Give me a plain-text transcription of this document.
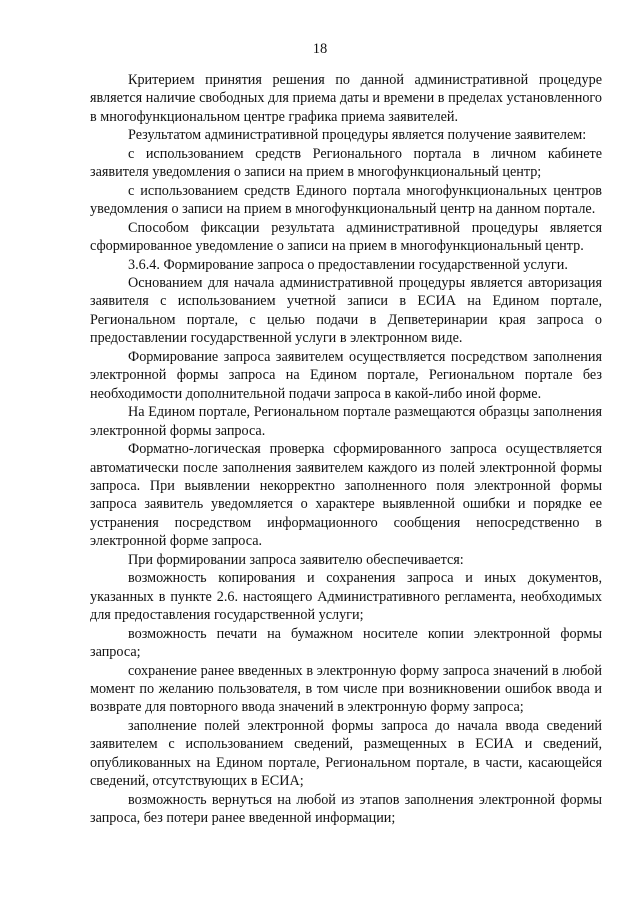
18

Критерием принятия решения по данной административной процедуре является наличие свободных для приема даты и времени в пределах установленного в многофункциональном центре графика приема заявителей.

Результатом административной процедуры является получение заявителем:

с использованием средств Регионального портала в личном кабинете заявителя уведомления о записи на прием в многофункциональный центр;

с использованием средств Единого портала многофункциональных центров уведомления о записи на прием в многофункциональный центр на данном портале.

Способом фиксации результата административной процедуры является сформированное уведомление о записи на прием в многофункциональный центр.

3.6.4. Формирование запроса о предоставлении государственной услуги.

Основанием для начала административной процедуры является авторизация заявителя с использованием учетной записи в ЕСИА на Едином портале, Региональном портале, с целью подачи в Депветеринарии края запроса о предоставлении государственной услуги в электронном виде.

Формирование запроса заявителем осуществляется посредством заполнения электронной формы запроса на Едином портале, Региональном портале без необходимости дополнительной подачи запроса в какой-либо иной форме.

На Едином портале, Региональном портале размещаются образцы заполнения электронной формы запроса.

Форматно-логическая проверка сформированного запроса осуществляется автоматически после заполнения заявителем каждого из полей электронной формы запроса. При выявлении некорректно заполненного поля электронной формы запроса заявитель уведомляется о характере выявленной ошибки и порядке ее устранения посредством информационного сообщения непосредственно в электронной форме запроса.

При формировании запроса заявителю обеспечивается:

возможность копирования и сохранения запроса и иных документов, указанных в пункте 2.6. настоящего Административного регламента, необходимых для предоставления государственной услуги;

возможность печати на бумажном носителе копии электронной формы запроса;

сохранение ранее введенных в электронную форму запроса значений в любой момент по желанию пользователя, в том числе при возникновении ошибок ввода и возврате для повторного ввода значений в электронную форму запроса;

заполнение полей электронной формы запроса до начала ввода сведений заявителем с использованием сведений, размещенных в ЕСИА и сведений, опубликованных на Едином портале, Региональном портале, в части, касающейся сведений, отсутствующих в ЕСИА;

возможность вернуться на любой из этапов заполнения электронной формы запроса, без потери ранее введенной информации;
